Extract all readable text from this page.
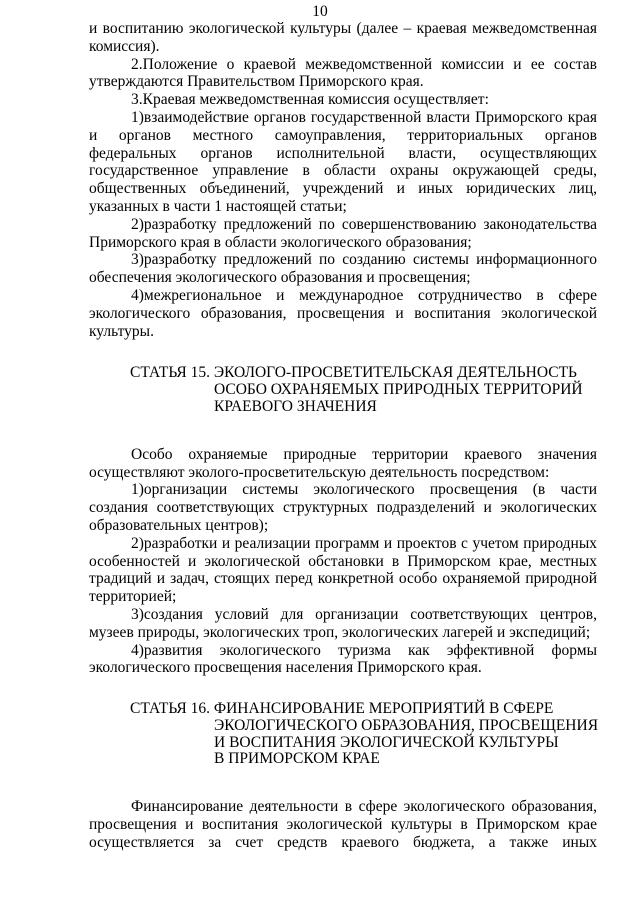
10

и воспитанию экологической культуры (далее – краевая межведомственная комиссия).

2.Положение о краевой межведомственной комиссии и ее состав утверждаются Правительством Приморского края.

3.Краевая межведомственная комиссия осуществляет:

1)взаимодействие органов государственной власти Приморского края и органов местного самоуправления, территориальных органов федеральных органов исполнительной власти, осуществляющих государственное управление в области охраны окружающей среды, общественных объединений, учреждений и иных юридических лиц, указанных в части 1 настоящей статьи;

2)разработку предложений по совершенствованию законодательства Приморского края в области экологического образования;

3)разработку предложений по созданию системы информационного обеспечения экологического образования и просвещения;

4)межрегиональное и международное сотрудничество в сфере экологического образования, просвещения и воспитания экологической культуры.

СТАТЬЯ 15. ЭКОЛОГО-ПРОСВЕТИТЕЛЬСКАЯ ДЕЯТЕЛЬНОСТЬ
ОСОБО ОХРАНЯЕМЫХ ПРИРОДНЫХ ТЕРРИТОРИЙ
КРАЕВОГО ЗНАЧЕНИЯ

Особо охраняемые природные территории краевого значения осуществляют эколого-просветительскую деятельность посредством:

1)организации системы экологического просвещения (в части создания соответствующих структурных подразделений и экологических образовательных центров);

2)разработки и реализации программ и проектов с учетом природных особенностей и экологической обстановки в Приморском крае, местных традиций и задач, стоящих перед конкретной особо охраняемой природной территорией;

3)создания условий для организации соответствующих центров, музеев природы, экологических троп, экологических лагерей и экспедиций;

4)развития экологического туризма как эффективной формы экологического просвещения населения Приморского края.

СТАТЬЯ 16. ФИНАНСИРОВАНИЕ МЕРОПРИЯТИЙ В СФЕРЕ
ЭКОЛОГИЧЕСКОГО ОБРАЗОВАНИЯ, ПРОСВЕЩЕНИЯ
И ВОСПИТАНИЯ ЭКОЛОГИЧЕСКОЙ КУЛЬТУРЫ
В ПРИМОРСКОМ КРАЕ

Финансирование деятельности в сфере экологического образования, просвещения и воспитания экологической культуры в Приморском крае осуществляется за счет средств краевого бюджета, а также иных
